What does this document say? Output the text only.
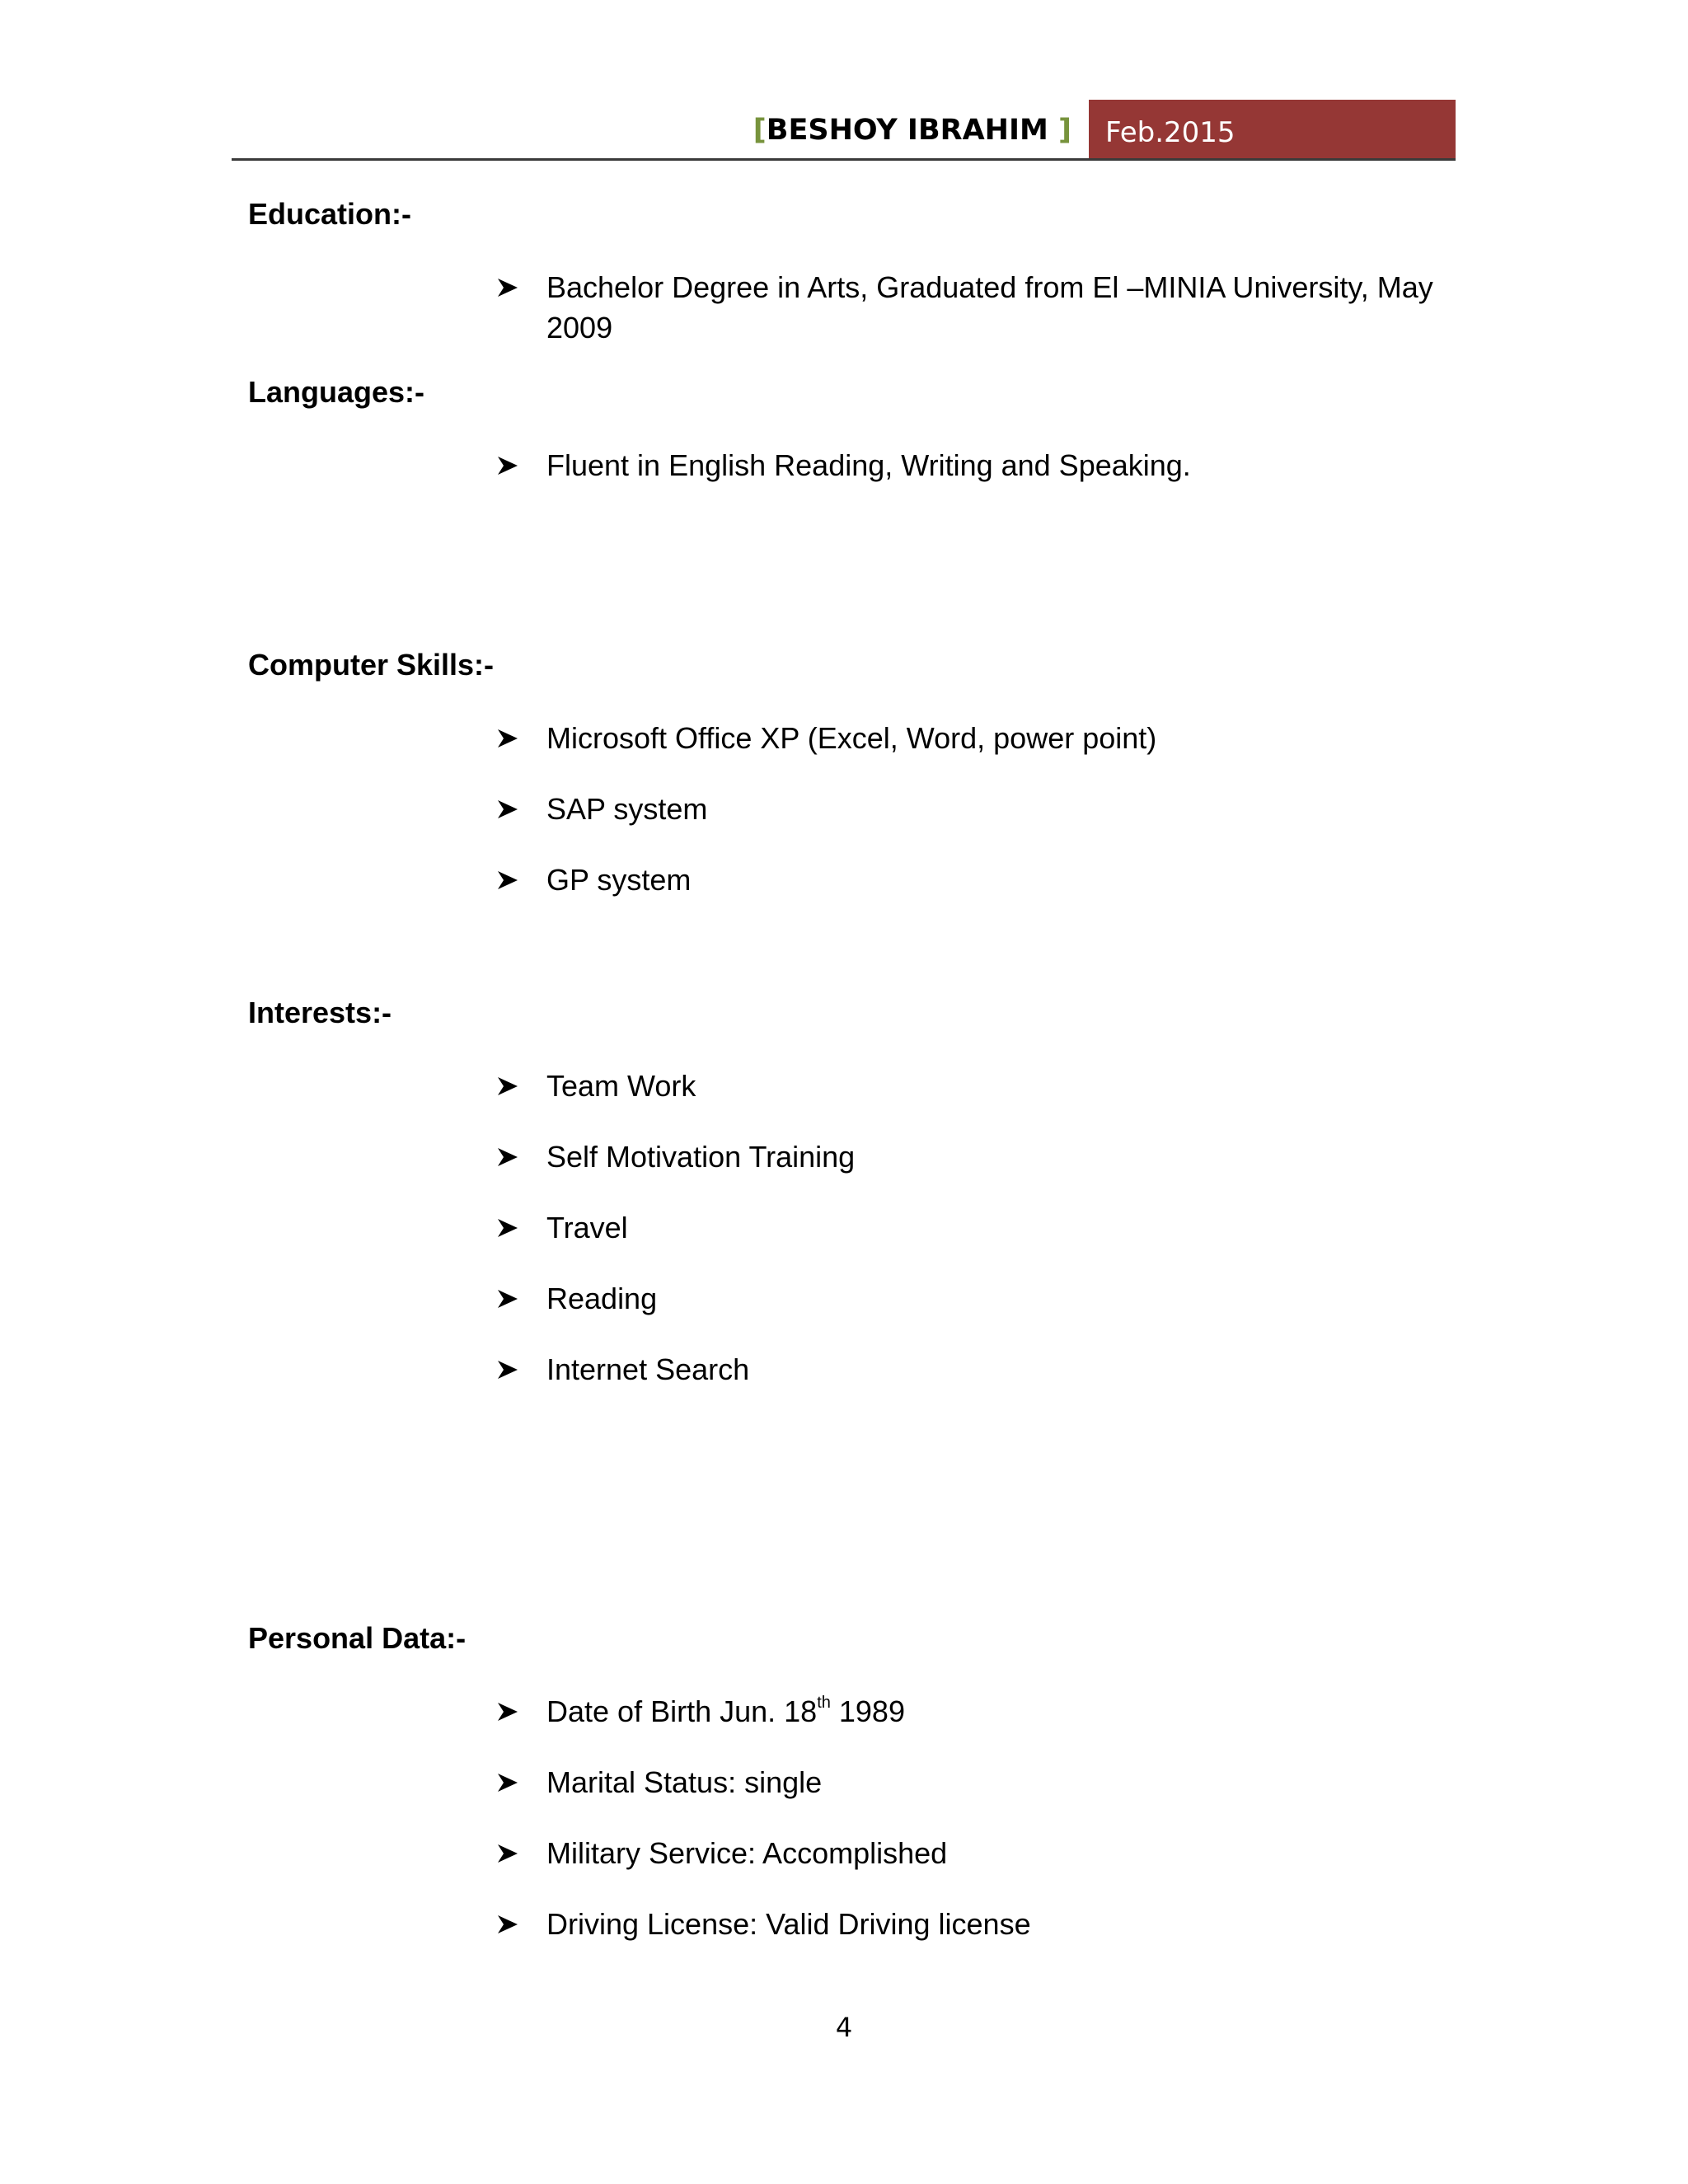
[BESHOY IBRAHIM ] Feb.2015
Education:-
Bachelor Degree in Arts, Graduated from El –MINIA University, May 2009
Languages:-
Fluent in English Reading, Writing and Speaking.
Computer Skills:-
Microsoft Office XP (Excel, Word, power point)
SAP system
GP system
Interests:-
Team Work
Self Motivation Training
Travel
Reading
Internet Search
Personal Data:-
Date of Birth Jun. 18th 1989
Marital Status: single
Military Service: Accomplished
Driving License: Valid Driving license
4
